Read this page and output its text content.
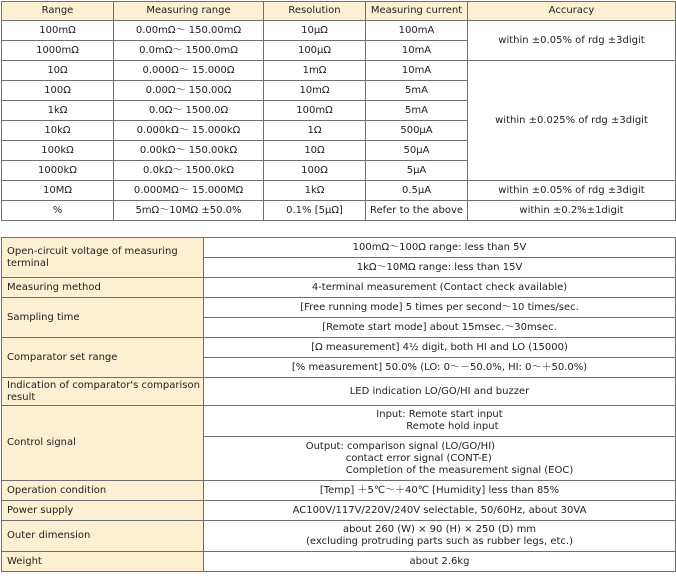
Range	Measuring range	Resolution	Measuring current	Accuracy
100mΩ	0.00mΩ～ 150.00mΩ	10μΩ	100mA	within ±0.05% of rdg ±3digit
1000mΩ	0.0mΩ～ 1500.0mΩ	100μΩ	10mA	
10Ω	0.000Ω～ 15.000Ω	1mΩ	10mA	within ±0.025% of rdg ±3digit
100Ω	0.00Ω～ 150.00Ω	10mΩ	5mA	
1kΩ	0.0Ω～ 1500.0Ω	100mΩ	5mA	
10kΩ	0.000kΩ～ 15.000kΩ	1Ω	500μA	
100kΩ	0.00kΩ～ 150.00kΩ	10Ω	50μA	
1000kΩ	0.0kΩ～ 1500.0kΩ	100Ω	5μA	
10MΩ	0.000MΩ～ 15.000MΩ	1kΩ	0.5μA	within ±0.05% of rdg ±3digit
%	5mΩ～10MΩ ±50.0%	0.1% [5μΩ]	Refer to the above	within ±0.2%±1digit
Open-circuit voltage of measuring terminal	100mΩ～100Ω range: less than 5V
	1kΩ～10MΩ range: less than 15V
Measuring method	4-terminal measurement (Contact check available)
Sampling time	[Free running mode] 5 times per second～10 times/sec.
	[Remote start mode] about 15msec.～30msec.
Comparator set range	[Ω measurement] 4½ digit, both HI and LO (15000)
	[% measurement] 50.0% (LO: 0～－50.0%, HI: 0～＋50.0%)
Indication of comparator's comparison result	LED indication LO/GO/HI and buzzer
Control signal	Input: Remote start input
Remote hold input

	Output: comparison signal (LO/GO/HI)
contact error signal (CONT-E)
Completion of the measurement signal (EOC)

Operation condition	[Temp] ＋5℃～＋40℃ [Humidity] less than 85%
Power supply	AC100V/117V/220V/240V selectable, 50/60Hz, about 30VA
Outer dimension	about 260 (W) × 90 (H) × 250 (D) mm
(excluding protruding parts such as rubber legs, etc.)

Weight	about 2.6kg
